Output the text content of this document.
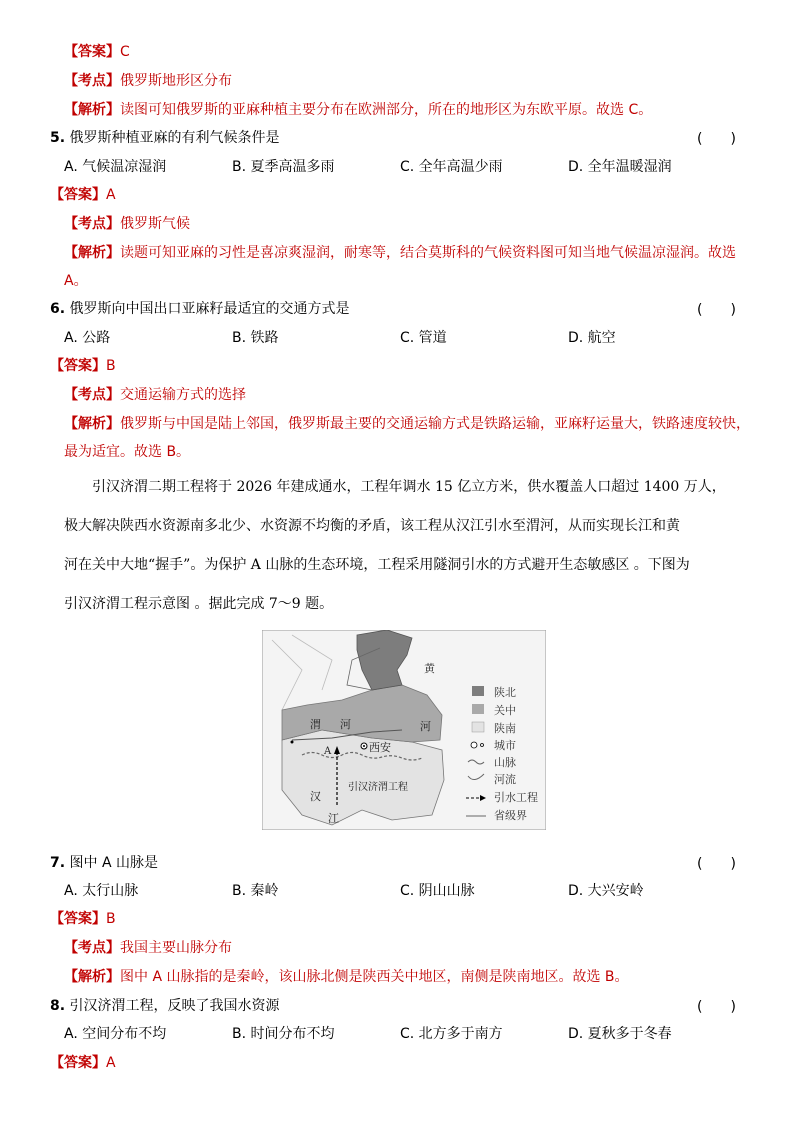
【答案】C
【考点】俄罗斯地形区分布
【解析】读图可知俄罗斯的亚麻种植主要分布在欧洲部分，所在的地形区为东欧平原。故选 C。
5. 俄罗斯种植亚麻的有利气候条件是	(　　)
A. 气候温凉湿润	B. 夏季高温多雨	C. 全年高温少雨	D. 全年温暖湿润
【答案】A
【考点】俄罗斯气候
【解析】读题可知亚麻的习性是喜凉爽湿润，耐寒等，结合莫斯科的气候资料图可知当地气候温凉湿润。故选
A。
6. 俄罗斯向中国出口亚麻籽最适宜的交通方式是	(　　)
A. 公路	B. 铁路	C. 管道	D. 航空
【答案】B
【考点】交通运输方式的选择
【解析】俄罗斯与中国是陆上邻国，俄罗斯最主要的交通运输方式是铁路运输，亚麻籽运量大，铁路速度较快，
最为适宜。故选 B。
引汉济渭二期工程将于 2026 年建成通水，工程年调水 15 亿立方米，供水覆盖人口超过 1400 万人，
极大解决陕西水资源南多北少、水资源不均衡的矛盾，该工程从汉江引水至渭河，从而实现长江和黄
河在关中大地“握手”。为保护 A 山脉的生态环境，工程采用隧洞引水的方式避开生态敏感区 。下图为
引汉济渭工程示意图 。据此完成 7～9 题。
西安
渭 河
A
引汉济渭工程
汉
江
黄
河
陕北
关中
陕南
城市
山脉
河流
引水工程
省级界
7. 图中 A 山脉是	(　　)
A. 太行山脉	B. 秦岭	C. 阴山山脉	D. 大兴安岭
【答案】B
【考点】我国主要山脉分布
【解析】图中 A 山脉指的是秦岭，该山脉北侧是陕西关中地区，南侧是陕南地区。故选 B。
8. 引汉济渭工程，反映了我国水资源	(　　)
A. 空间分布不均	B. 时间分布不均	C. 北方多于南方	D. 夏秋多于冬春
【答案】A
